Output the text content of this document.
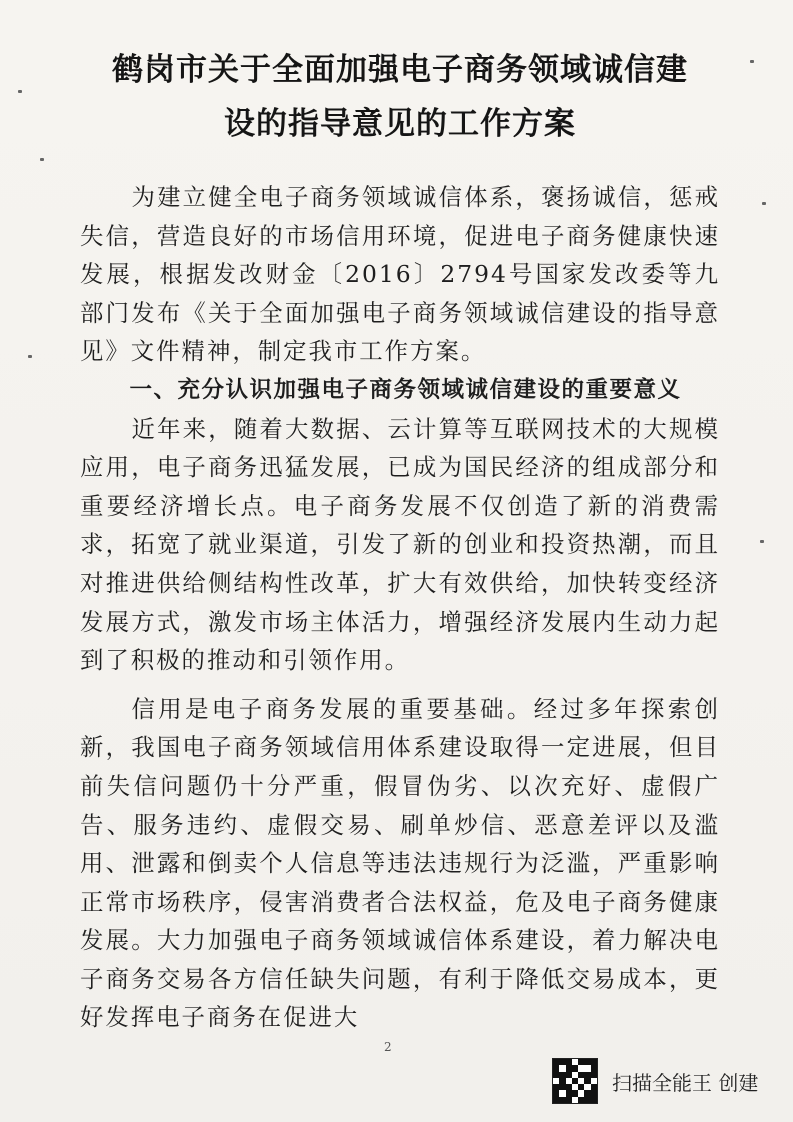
鹤岗市关于全面加强电子商务领域诚信建
设的指导意见的工作方案

为建立健全电子商务领域诚信体系，褒扬诚信，惩戒失信，营造良好的市场信用环境，促进电子商务健康快速发展，根据发改财金〔2016〕2794号国家发改委等九部门发布《关于全面加强电子商务领域诚信建设的指导意见》文件精神，制定我市工作方案。

一、充分认识加强电子商务领域诚信建设的重要意义

近年来，随着大数据、云计算等互联网技术的大规模应用，电子商务迅猛发展，已成为国民经济的组成部分和重要经济增长点。电子商务发展不仅创造了新的消费需求，拓宽了就业渠道，引发了新的创业和投资热潮，而且对推进供给侧结构性改革，扩大有效供给，加快转变经济发展方式，激发市场主体活力，增强经济发展内生动力起到了积极的推动和引领作用。

信用是电子商务发展的重要基础。经过多年探索创新，我国电子商务领域信用体系建设取得一定进展，但目前失信问题仍十分严重，假冒伪劣、以次充好、虚假广告、服务违约、虚假交易、刷单炒信、恶意差评以及滥用、泄露和倒卖个人信息等违法违规行为泛滥，严重影响正常市场秩序，侵害消费者合法权益，危及电子商务健康发展。大力加强电子商务领域诚信体系建设，着力解决电子商务交易各方信任缺失问题，有利于降低交易成本，更好发挥电子商务在促进大

2
扫描全能王 创建
